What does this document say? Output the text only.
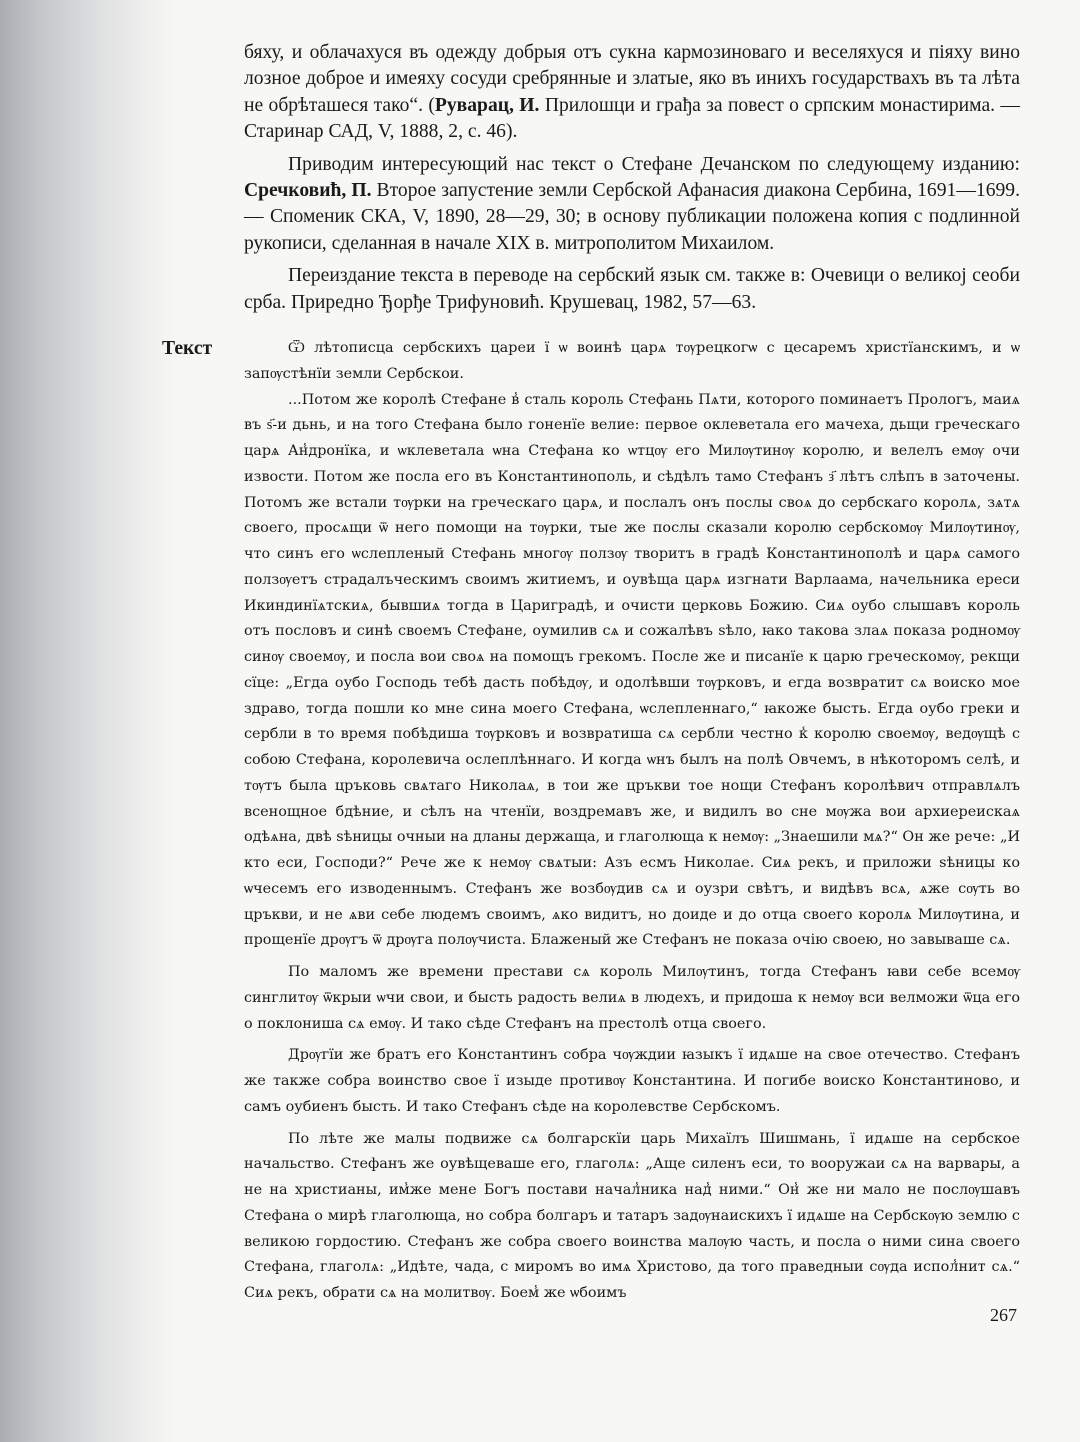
бяху, и облачахуся въ одежду добрыя отъ сукна кармозиноваго и веселяхуся и піяху вино лозное доброе и имеяху сосуди сребрянные и златые, яко въ инихъ государствахъ въ та лѣта не обрѣташеся тако“. (Руварац, И. Прилошци и грађа за повест о српским монастирима. — Старинар САД, V, 1888, 2, с. 46).

Приводим интересующий нас текст о Стефане Дечанском по следующему изданию: Сречковић, П. Второе запустение земли Сербской Афанасия диакона Сербина, 1691—1699. — Споменик СКА, V, 1890, 28—29, 30; в основу публикации положена копия с подлинной рукописи, сделанная в начале XIX в. митрополитом Михаилом.

Переиздание текста в переводе на сербский язык см. также в: Очевици о великој сеоби срба. Приредно Ђорђе Трифуновић. Крушевац, 1982, 57—63.

Текст	Ѿ лѣтописца сербскихъ цареи ї ѡ воинѣ царѧ тѹрецкогѡ с цесаремъ христїанскимъ, и ѡ запѹстѣнїи земли Сербскои.

...Потом же королѣ Стефане в̾ сталь король Стефань Пѧти, которого поминаетъ Прологъ, маиѧ въ ѕ҃-и дьнь, и на того Стефана было гоненїе велие: первое оклеветала его мачеха, дьщи греческаго царѧ Ан̾дронїка, и ѡклеветала ѡна Стефана ко ѡтцѹ его Милѹтинѹ королю, и велелъ емѹ очи извости. Потом же посла его въ Константинополь, и сѣдѣлъ тамо Стефанъ з҃ лѣтъ слѣпъ в заточены. Потомъ же встали тѹрки на греческаго царѧ, и послалъ онъ послы своѧ до сербскаго королѧ, зѧтѧ своего, просѧщи ѿ него помощи на тѹрки, тые же послы сказали королю сербскомѹ Милѹтинѹ, что синъ его ѡслепленый Стефань многѹ ползѹ творитъ в градѣ Константинополѣ и царѧ самого ползѹетъ страдалъческимъ своимъ житиемъ, и оувѣща царѧ изгнати Варлаама, начельника ереси Икиндинїѧтскиѧ, бывшиѧ тогда в Цариградѣ, и очисти церковь Божию. Сиѧ оубо слышавъ король отъ пословъ и синѣ своемъ Стефане, оумилив сѧ и сожалѣвъ ѕѣло, ꙗко такова злаѧ показа родномѹ синѹ своемѹ, и посла вои своѧ на помощъ грекомъ. После же и писанїе к царю греческомѹ, рекщи сїце: „Егда оубо Господь тебѣ дасть побѣдѹ, и одолѣвши тѹрковъ, и егда возвратит сѧ воиско мое здраво, тогда пошли ко мне сина моего Стефана, ѡслепленнаго,“ ꙗкоже бысть. Егда оубо греки и сербли в то время побѣдиша тѹрковъ и возвратиша сѧ сербли честно к̾ королю своемѹ, ведѹщѣ с собою Стефана, королевича ослеплѣннаго. И когда ѡнъ былъ на полѣ Овчемъ, в нѣкоторомъ селѣ, и тѹтъ была цръковь свѧтаго Николаѧ, в тои же цръкви тое нощи Стефанъ королѣвич отправлѧлъ всенощное бдѣние, и сѣлъ на чтенїи, воздремавъ же, и видилъ во сне мѹжа вои архиереискаѧ одѣѧна, двѣ ѕѣницы очныи на дланы держаща, и глаголюща к немѹ: „Знаешили мѧ?“ Он же рече: „И кто еси, Господи?“ Рече же к немѹ свѧтыи: Азъ есмъ Николае. Сиѧ рекъ, и приложи ѕѣницы ко ѡчесемъ его изводеннымъ. Стефанъ же возбѹдив сѧ и оузри свѣтъ, и видѣвъ всѧ, ѧже сѹть во цръкви, и не ѧви себе людемъ своимъ, ѧко видитъ, но доиде и до отца своего королѧ Милѹтина, и прощенїе дрѹгъ ѿ дрѹга полѹчиста. Блаженый же Стефанъ не показа очію своею, но завываше сѧ.

По маломъ же времени престави сѧ король Милѹтинъ, тогда Стефанъ ꙗви себе всемѹ синглитѹ ѿкрыи ѡчи свои, и бысть радость велиѧ в людехъ, и придоша к немѹ вси велможи ѿца его о поклониша сѧ емѹ. И тако сѣде Стефанъ на престолѣ отца своего.

Дрѹгїи же братъ его Константинъ собра чѹждии ꙗзыкъ ї идѧше на свое отечество. Стефанъ же также собра воинство свое ї изыде противѹ Константина. И погибе воиско Константиново, и самъ оубиенъ бысть. И тако Стефанъ сѣде на королевстве Сербскомъ.

По лѣте же малы подвиже сѧ болгарскїи царь Михаїлъ Шишмань, ї идѧше на сербское начальство. Стефанъ же оувѣщеваше его, глаголѧ: „Аще силенъ еси, то вооружаи сѧ на варвары, а не на христианы, им̾же мене Богъ постави начал̾ника над̾ ними.“ Он̾ же ни мало не послѹшавъ Стефана о мирѣ глаголюща, но собра болгаръ и татаръ задѹнаискихъ ї идѧше на Сербскѹю землю с великою гордостию. Стефанъ же собра своего воинства малѹю часть, и посла о ними сина своего Стефана, глаголѧ: „Идѣте, чада, с миромъ во имѧ Христово, да того праведныи сѹда испол̾нит сѧ.“ Сиѧ рекъ, обрати сѧ на молитвѹ. Боем̾ же ѡбоимъ

267
